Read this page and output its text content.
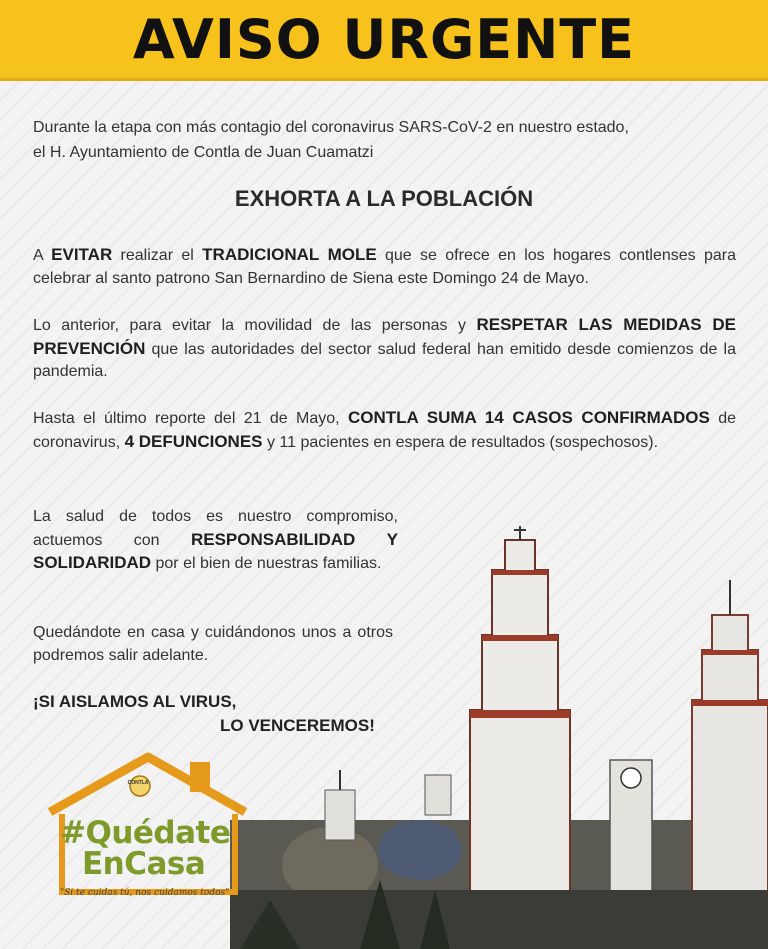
AVISO URGENTE
Durante la etapa con más contagio del coronavirus SARS-CoV-2 en nuestro estado,
el H. Ayuntamiento de Contla de Juan Cuamatzi
EXHORTA A LA POBLACIÓN
A EVITAR realizar el TRADICIONAL MOLE que se ofrece en los hogares contlenses para celebrar al santo patrono San Bernardino de Siena este Domingo 24 de Mayo.
Lo anterior, para evitar la movilidad de las personas y RESPETAR LAS MEDIDAS DE PREVENCIÓN que las autoridades del sector salud federal han emitido desde comienzos de la pandemia.
Hasta el último reporte del 21 de Mayo, CONTLA SUMA 14 CASOS CONFIRMADOS de coronavirus, 4 DEFUNCIONES y 11 pacientes en espera de resultados (sospechosos).
La salud de todos es nuestro compromiso, actuemos con RESPONSABILIDAD Y SOLIDARIDAD por el bien de nuestras familias.
Quedándote en casa y cuidándonos unos a otros podremos salir adelante.
¡SI AISLAMOS AL VIRUS,
LO VENCEREMOS!
CONTLA
#Quédate
EnCasa
"Si te cuidas tú, nos cuidamos todos"
